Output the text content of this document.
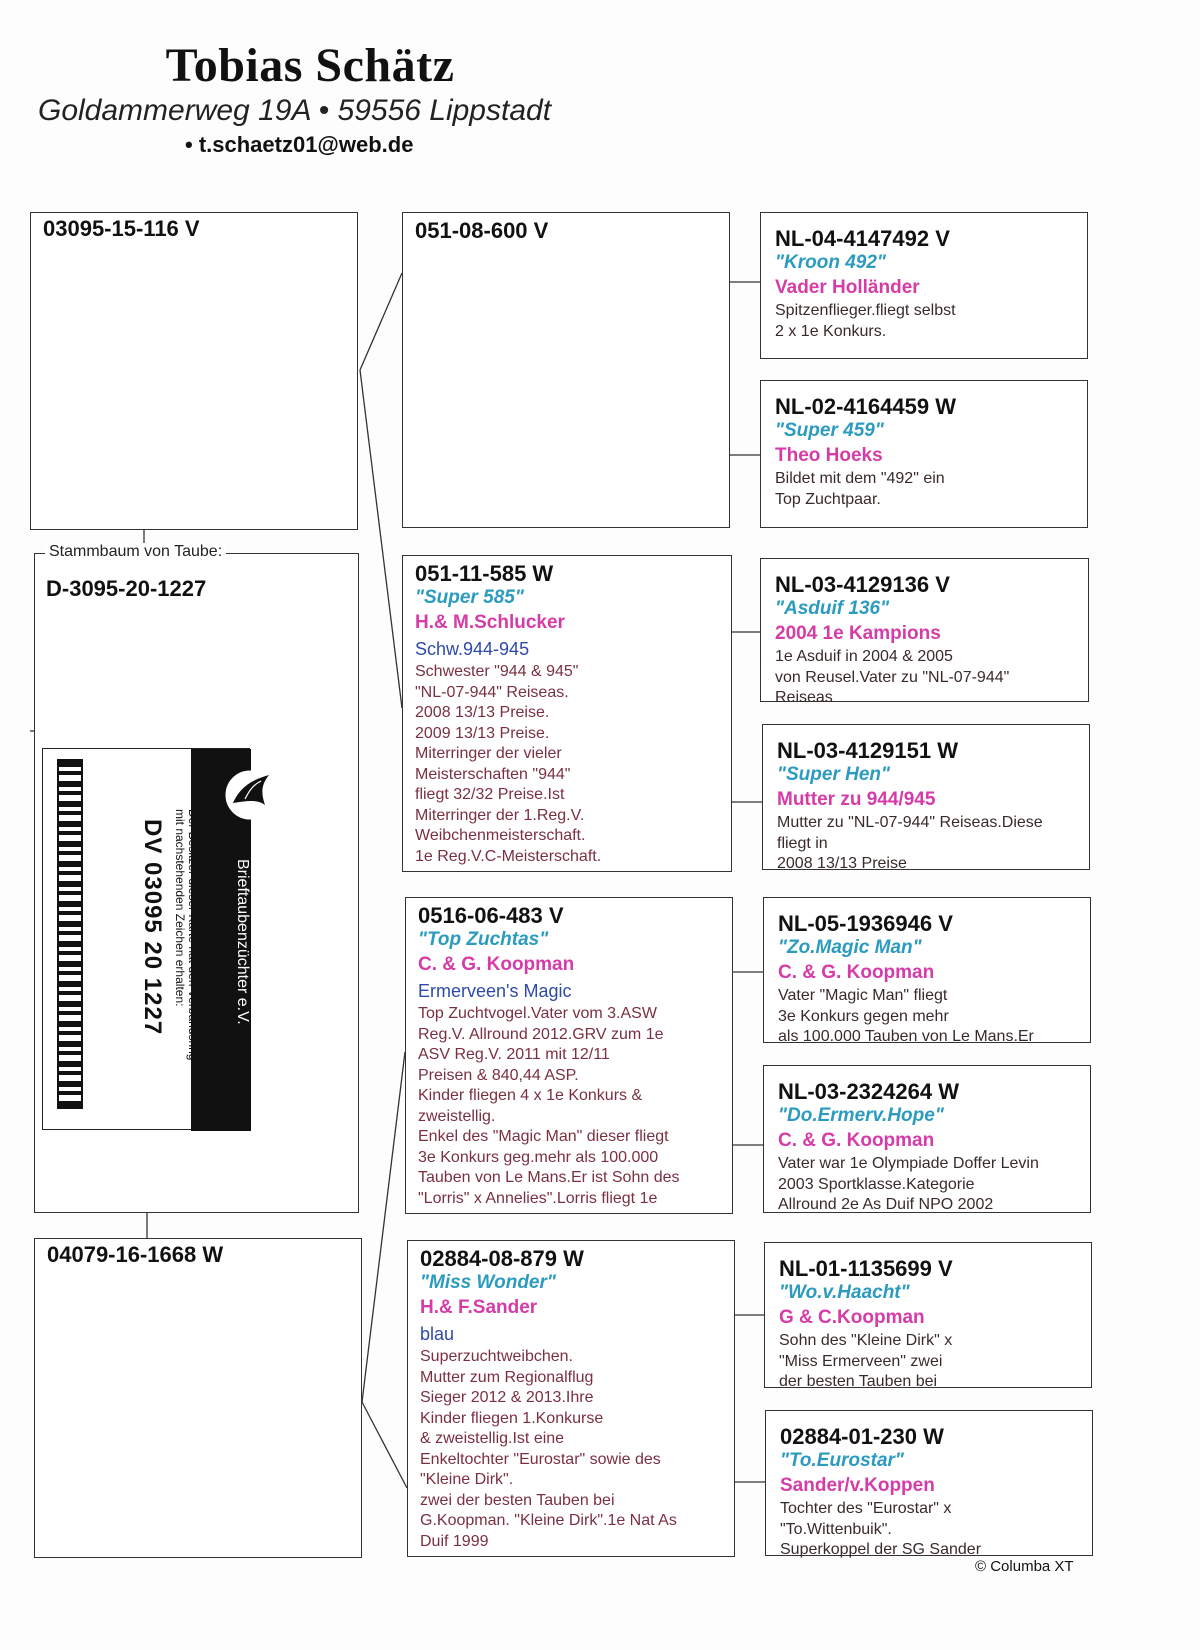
Tobias Schätz
Goldammerweg 19A • 59556 Lippstadt
• t.schaetz01@web.de
03095-15-116 V
Stammbaum von Taube:
D-3095-20-1227
04079-16-1668 W
Verband Deutscher
Brieftaubenzüchter e.V.
Eigentums-Ausweis
Der Besitzer dieser Karte hat den Verbandsring
mit nachstehenden Zeichen erhalten:
DV 03095 20 1227
051-08-600 V
051-11-585 W
"Super 585"
H.& M.Schlucker
Schw.944-945
Schwester "944 & 945"
"NL-07-944" Reiseas.
2008 13/13 Preise.
2009 13/13 Preise.
Miterringer der vieler
Meisterschaften "944"
fliegt 32/32 Preise.Ist
Miterringer der 1.Reg.V.
Weibchenmeisterschaft.
1e Reg.V.C-Meisterschaft.
0516-06-483 V
"Top Zuchtas"
C. & G. Koopman
Ermerveen's Magic
Top Zuchtvogel.Vater vom 3.ASW
Reg.V. Allround 2012.GRV zum 1e
ASV Reg.V. 2011 mit 12/11
Preisen & 840,44 ASP.
Kinder fliegen 4 x 1e Konkurs &
zweistellig.
Enkel des "Magic Man" dieser fliegt
3e Konkurs geg.mehr als 100.000
Tauben von Le Mans.Er ist Sohn des
"Lorris" x Annelies".Lorris fliegt 1e
02884-08-879 W
"Miss Wonder"
H.& F.Sander
blau
Superzuchtweibchen.
Mutter zum Regionalflug
Sieger 2012 & 2013.Ihre
Kinder fliegen 1.Konkurse
& zweistellig.Ist eine
Enkeltochter "Eurostar" sowie des
"Kleine Dirk".
zwei der besten Tauben bei
G.Koopman. "Kleine Dirk".1e Nat As
Duif 1999
NL-04-4147492 V
"Kroon 492"
Vader Holländer
Spitzenflieger.fliegt selbst
2 x 1e Konkurs.
NL-02-4164459 W
"Super 459"
Theo Hoeks
Bildet mit dem "492" ein
Top Zuchtpaar.
NL-03-4129136 V
"Asduif 136"
2004 1e Kampions
1e Asduif in 2004 & 2005
von Reusel.Vater zu "NL-07-944"
Reiseas
NL-03-4129151 W
"Super Hen"
Mutter zu 944/945
Mutter zu "NL-07-944" Reiseas.Diese
fliegt in
2008 13/13 Preise
NL-05-1936946 V
"Zo.Magic Man"
C. & G. Koopman
Vater "Magic Man" fliegt
3e Konkurs gegen mehr
als 100.000 Tauben von Le Mans.Er
NL-03-2324264 W
"Do.Ermerv.Hope"
C. & G. Koopman
Vater war 1e Olympiade Doffer Levin
2003 Sportklasse.Kategorie
Allround 2e As Duif NPO 2002
NL-01-1135699 V
"Wo.v.Haacht"
G & C.Koopman
Sohn des "Kleine Dirk" x
"Miss Ermerveen" zwei
der besten Tauben bei
02884-01-230 W
"To.Eurostar"
Sander/v.Koppen
Tochter des "Eurostar" x
"To.Wittenbuik".
Superkoppel der SG Sander
© Columba XT
